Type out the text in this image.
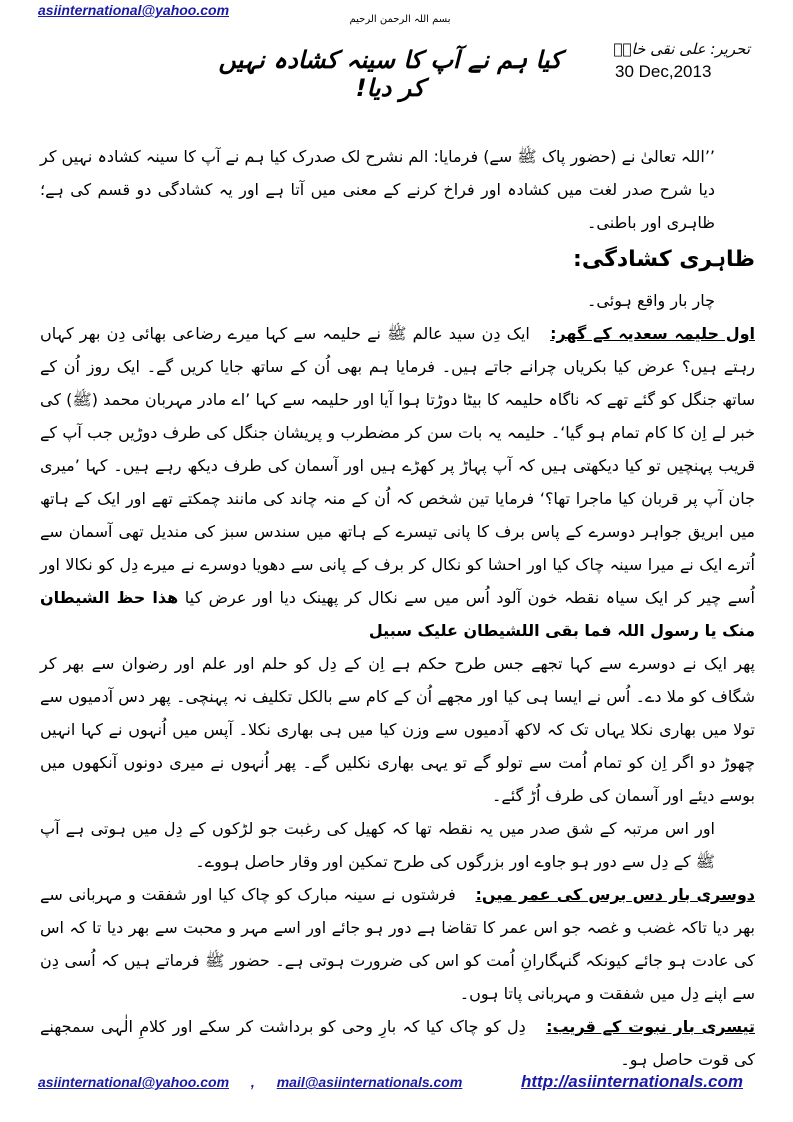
asiinternational@yahoo.com
بسم اللہ الرحمن الرحیم
تحریر: علی نقی خانؒ
30 Dec,2013
کیا ہم نے آپ کا سینہ کشادہ نہیں کر دیا!

’’اللہ تعالیٰ نے (حضور پاک ﷺ سے) فرمایا: الم نشرح لک صدرک کیا ہم نے آپ کا سینہ کشادہ نہیں کر دیا شرح صدر لغت میں کشادہ اور فراخ کرنے کے معنی میں آتا ہے اور یہ کشادگی دو قسم کی ہے؛ ظاہری اور باطنی۔

ظاہری کشادگی:

چار بار واقع ہوئی۔

اول حلیمہ سعدیہ کے گھر: ایک دِن سید عالم ﷺ نے حلیمہ سے کہا میرے رضاعی بھائی دِن بھر کہاں رہتے ہیں؟ عرض کیا بکریاں چرانے جاتے ہیں۔ فرمایا ہم بھی اُن کے ساتھ جایا کریں گے۔ ایک روز اُن کے ساتھ جنگل کو گئے تھے کہ ناگاہ حلیمہ کا بیٹا دوڑتا ہوا آیا اور حلیمہ سے کہا ’اے مادر مہربان محمد (ﷺ) کی خبر لے اِن کا کام تمام ہو گیا‘۔ حلیمہ یہ بات سن کر مضطرب و پریشان جنگل کی طرف دوڑیں جب آپ کے قریب پہنچیں تو کیا دیکھتی ہیں کہ آپ پہاڑ پر کھڑے ہیں اور آسمان کی طرف دیکھ رہے ہیں۔ کہا ’میری جان آپ پر قربان کیا ماجرا تھا؟‘ فرمایا تین شخص کہ اُن کے منہ چاند کی مانند چمکتے تھے اور ایک کے ہاتھ میں ابریق جواہر دوسرے کے پاس برف کا پانی تیسرے کے ہاتھ میں سندس سبز کی مندیل تھی آسمان سے اُترے ایک نے میرا سینہ چاک کیا اور احشا کو نکال کر برف کے پانی سے دھویا دوسرے نے میرے دِل کو نکالا اور اُسے چیر کر ایک سیاہ نقطہ خون آلود اُس میں سے نکال کر پھینک دیا اور عرض کیا ھذا حظ الشیطان منک یا رسول اللہ فما بقی اللشیطان علیک سبیل

پھر ایک نے دوسرے سے کہا تجھے جس طرح حکم ہے اِن کے دِل کو حلم اور علم اور رضوان سے بھر کر شگاف کو ملا دے۔ اُس نے ایسا ہی کیا اور مجھے اُن کے کام سے بالکل تکلیف نہ پہنچی۔ پھر دس آدمیوں سے تولا میں بھاری نکلا یہاں تک کہ لاکھ آدمیوں سے وزن کیا میں ہی بھاری نکلا۔ آپس میں اُنہوں نے کہا انہیں چھوڑ دو اگر اِن کو تمام اُمت سے تولو گے تو یہی بھاری نکلیں گے۔ پھر اُنہوں نے میری دونوں آنکھوں میں بوسے دیئے اور آسمان کی طرف اُڑ گئے۔

اور اس مرتبہ کے شق صدر میں یہ نقطہ تھا کہ کھیل کی رغبت جو لڑکوں کے دِل میں ہوتی ہے آپ ﷺ کے دِل سے دور ہو جاوے اور بزرگوں کی طرح تمکین اور وقار حاصل ہووے۔

دوسری بار دس برس کی عمر میں: فرشتوں نے سینہ مبارک کو چاک کیا اور شفقت و مہربانی سے بھر دیا تاکہ غضب و غصہ جو اس عمر کا تقاضا ہے دور ہو جائے اور اسے مہر و محبت سے بھر دیا تا کہ اس کی عادت ہو جائے کیونکہ گنہگارانِ اُمت کو اس کی ضرورت ہوتی ہے۔ حضور ﷺ فرماتے ہیں کہ اُسی دِن سے اپنے دِل میں شفقت و مہربانی پاتا ہوں۔

تیسری بار نبوت کے قریب: دِل کو چاک کیا کہ بارِ وحی کو برداشت کر سکے اور کلامِ الٰہی سمجھنے کی قوت حاصل ہو۔

asiinternational@yahoo.com , mail@asiinternationals.com	http://asiinternationals.com
